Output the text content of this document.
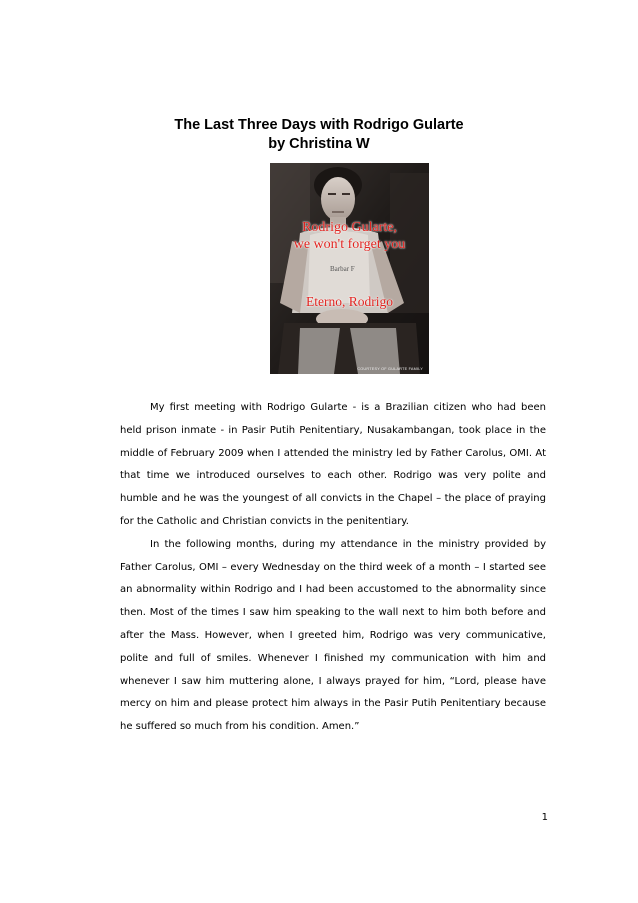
The Last Three Days with Rodrigo Gularte
by Christina W
Barbar F
Rodrigo Gularte,
we won't forget you
Eterno, Rodrigo
COURTESY OF GULARTE FAMILY

My first meeting with Rodrigo Gularte - is a Brazilian citizen who had been held prison inmate - in Pasir Putih Penitentiary, Nusakambangan, took place in the middle of February 2009 when I attended the ministry led by Father Carolus, OMI. At that time we introduced ourselves to each other. Rodrigo was very polite and humble and he was the youngest of all convicts in the Chapel – the place of praying for the Catholic and Christian convicts in the penitentiary.

In the following months, during my attendance in the ministry provided by Father Carolus, OMI – every Wednesday on the third week of a month – I started see an abnormality within Rodrigo and I had been accustomed to the abnormality since then. Most of the times I saw him speaking to the wall next to him both before and after the Mass. However, when I greeted him, Rodrigo was very communicative, polite and full of smiles. Whenever I finished my communication with him and whenever I saw him muttering alone, I always prayed for him, “Lord, please have mercy on him and please protect him always in the Pasir Putih Penitentiary because he suffered so much from his condition. Amen.”

1
